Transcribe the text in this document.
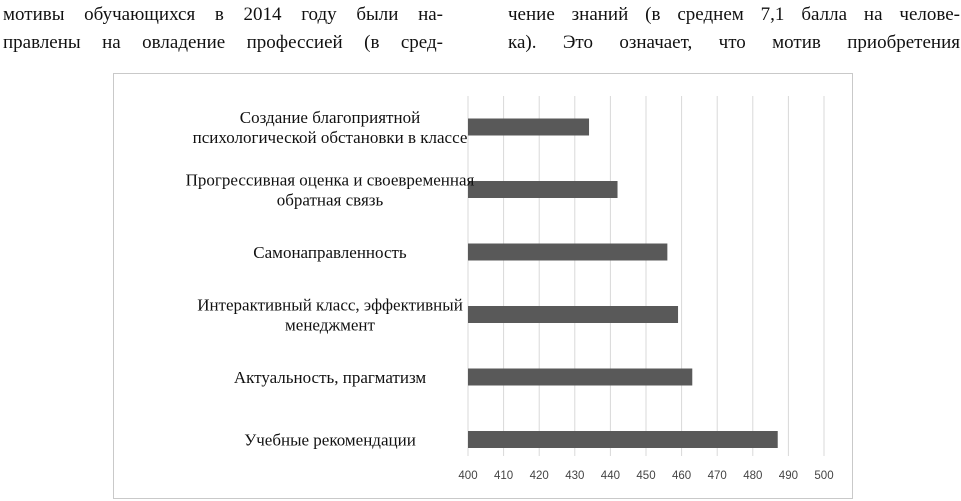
мотивы обучающихся в 2014 году были на-
правлены на овладение профессией (в сред-
чение знаний (в среднем 7,1 балла на челове-
ка). Это означает, что мотив приобретения
Создание благоприятной психологической обстановки в классе
Прогрессивная оценка и своевременная обратная связь
Самонаправленность
Интерактивный класс, эффективный менеджмент
Актуальность, прагматизм
Учебные рекомендации
400 410 420 430 440 450 460 470 480 490 500
